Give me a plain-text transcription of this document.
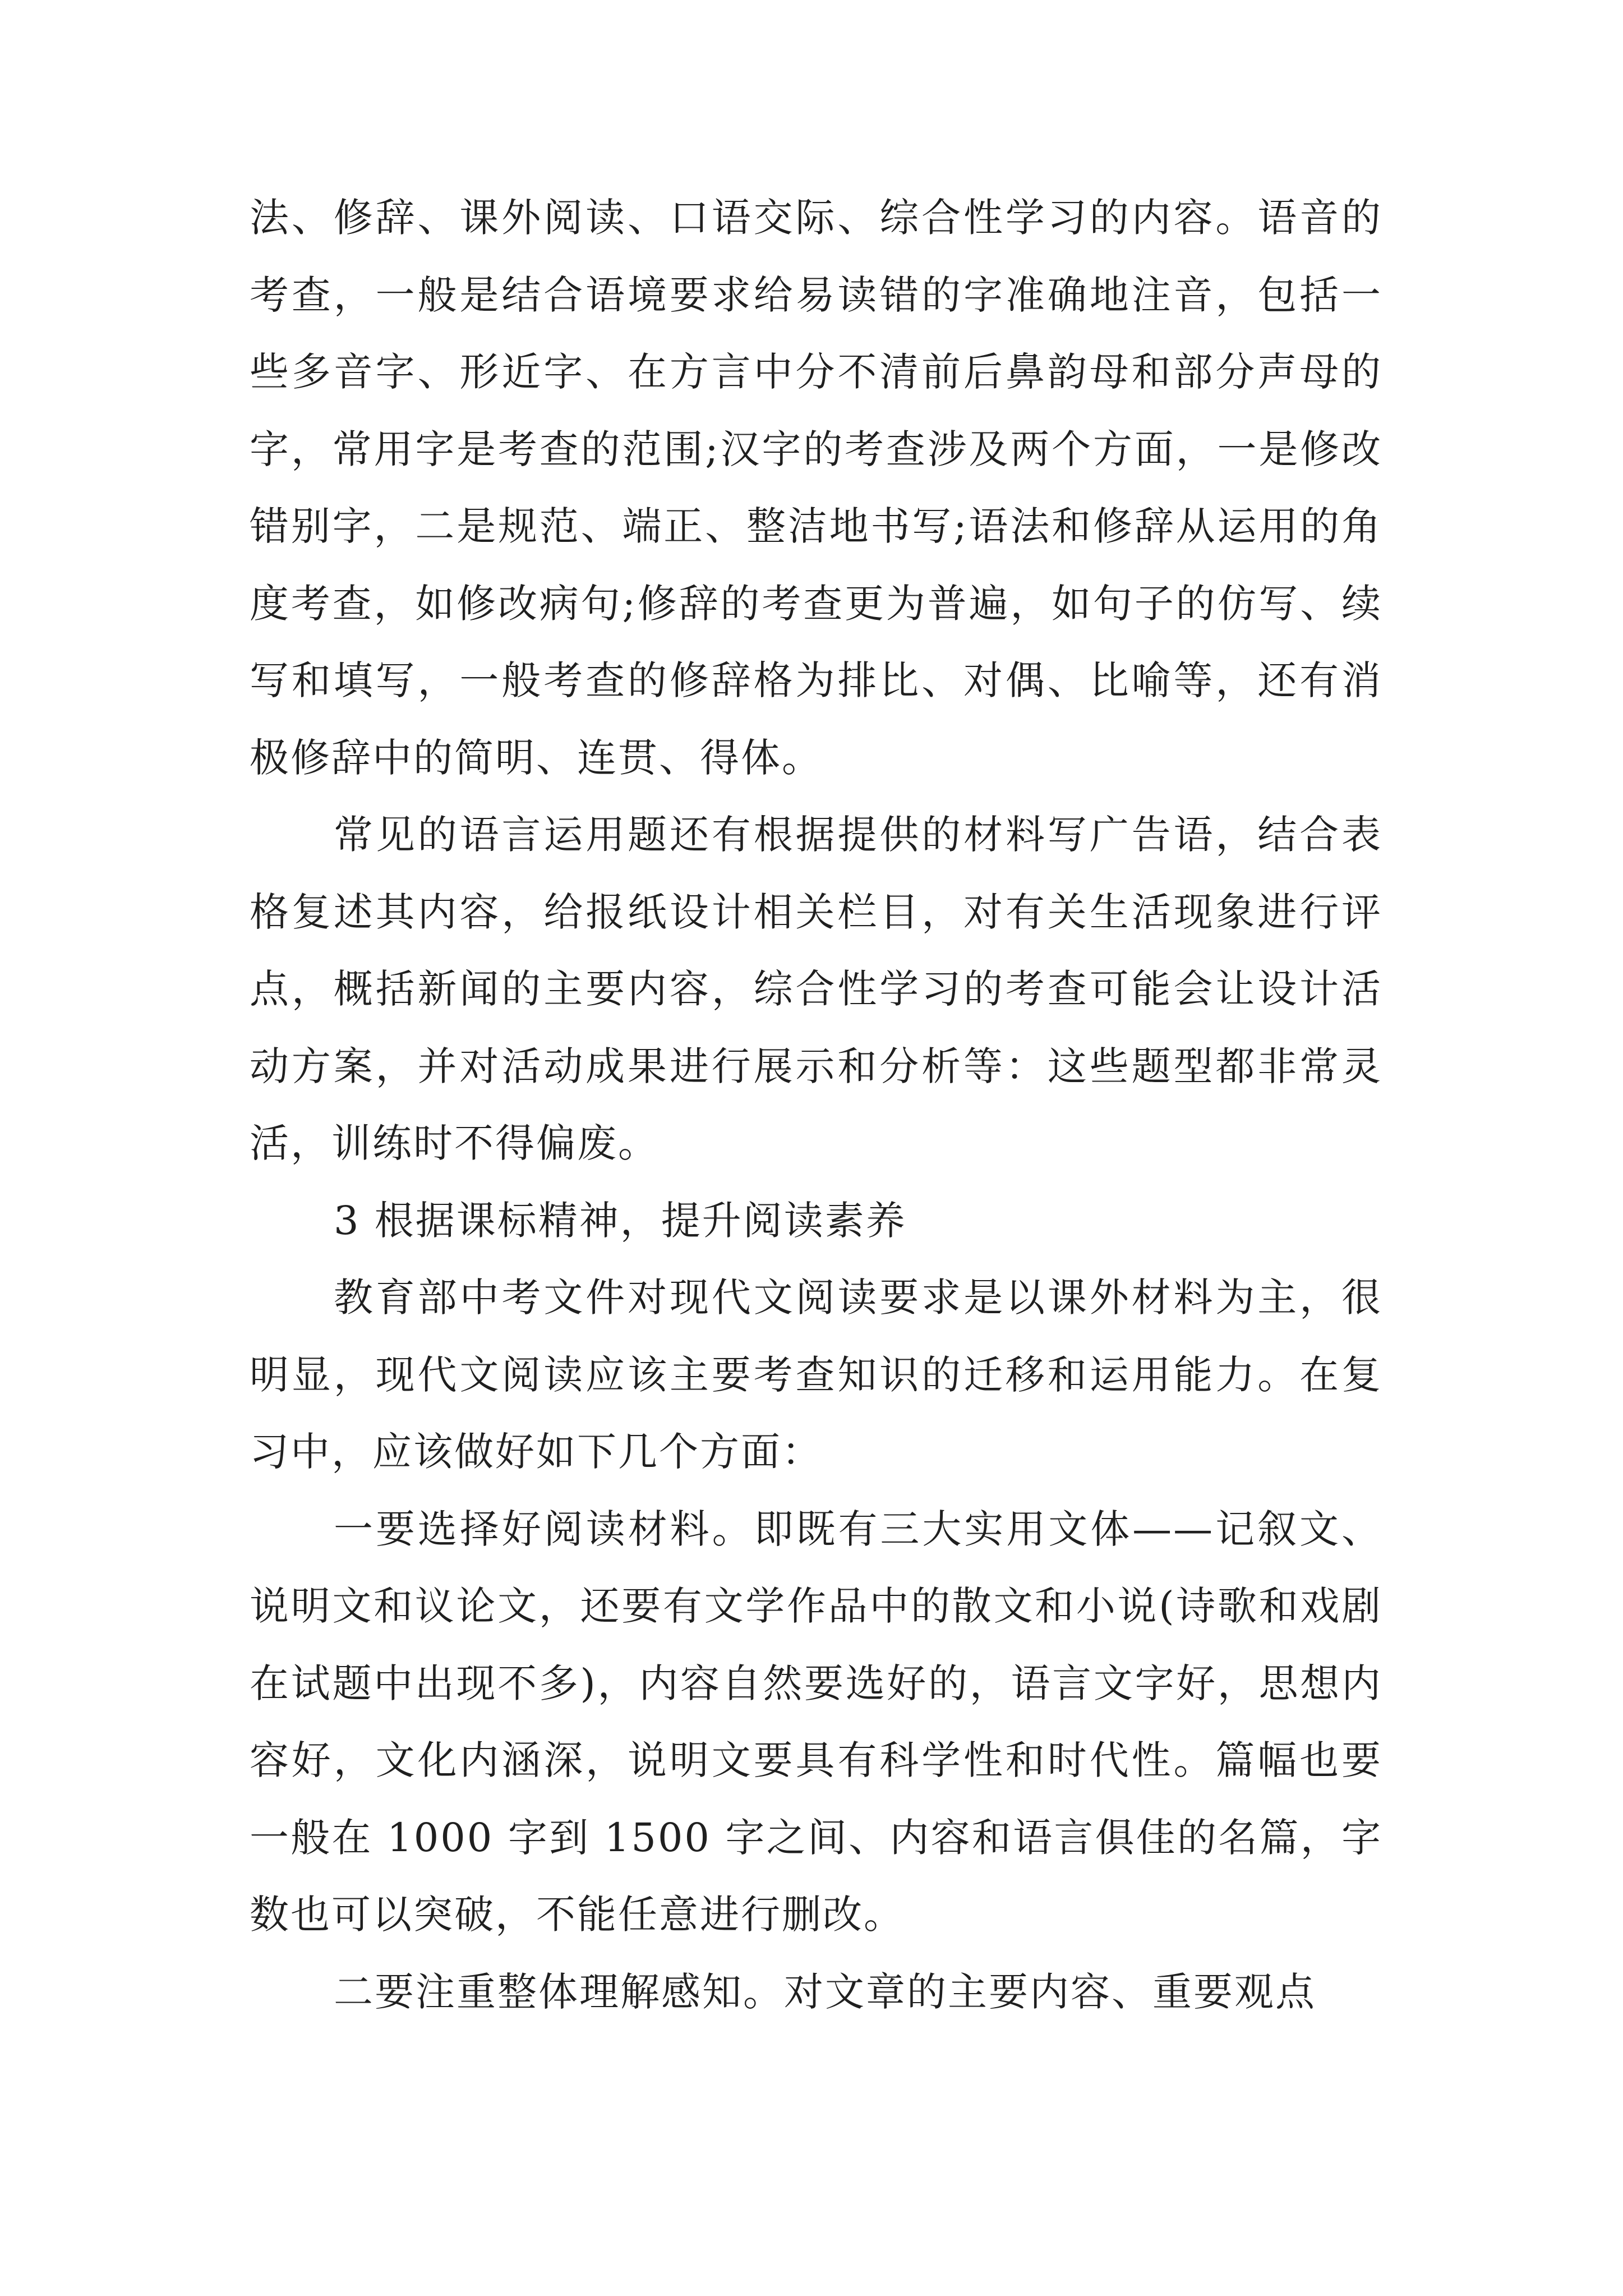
法、修辞、课外阅读、口语交际、综合性学习的内容。语音的考查，一般是结合语境要求给易读错的字准确地注音，包括一些多音字、形近字、在方言中分不清前后鼻韵母和部分声母的字，常用字是考查的范围;汉字的考查涉及两个方面，一是修改错别字，二是规范、端正、整洁地书写;语法和修辞从运用的角度考查，如修改病句;修辞的考查更为普遍，如句子的仿写、续写和填写，一般考查的修辞格为排比、对偶、比喻等，还有消极修辞中的简明、连贯、得体。

常见的语言运用题还有根据提供的材料写广告语，结合表格复述其内容，给报纸设计相关栏目，对有关生活现象进行评点，概括新闻的主要内容，综合性学习的考查可能会让设计活动方案，并对活动成果进行展示和分析等：这些题型都非常灵活，训练时不得偏废。

3 根据课标精神，提升阅读素养

教育部中考文件对现代文阅读要求是以课外材料为主，很明显，现代文阅读应该主要考查知识的迁移和运用能力。在复习中，应该做好如下几个方面：

一要选择好阅读材料。即既有三大实用文体——记叙文、说明文和议论文，还要有文学作品中的散文和小说(诗歌和戏剧在试题中出现不多)，内容自然要选好的，语言文字好，思想内容好，文化内涵深，说明文要具有科学性和时代性。篇幅也要一般在 1000 字到 1500 字之间、内容和语言俱佳的名篇，字数也可以突破，不能任意进行删改。

二要注重整体理解感知。对文章的主要内容、重要观点
